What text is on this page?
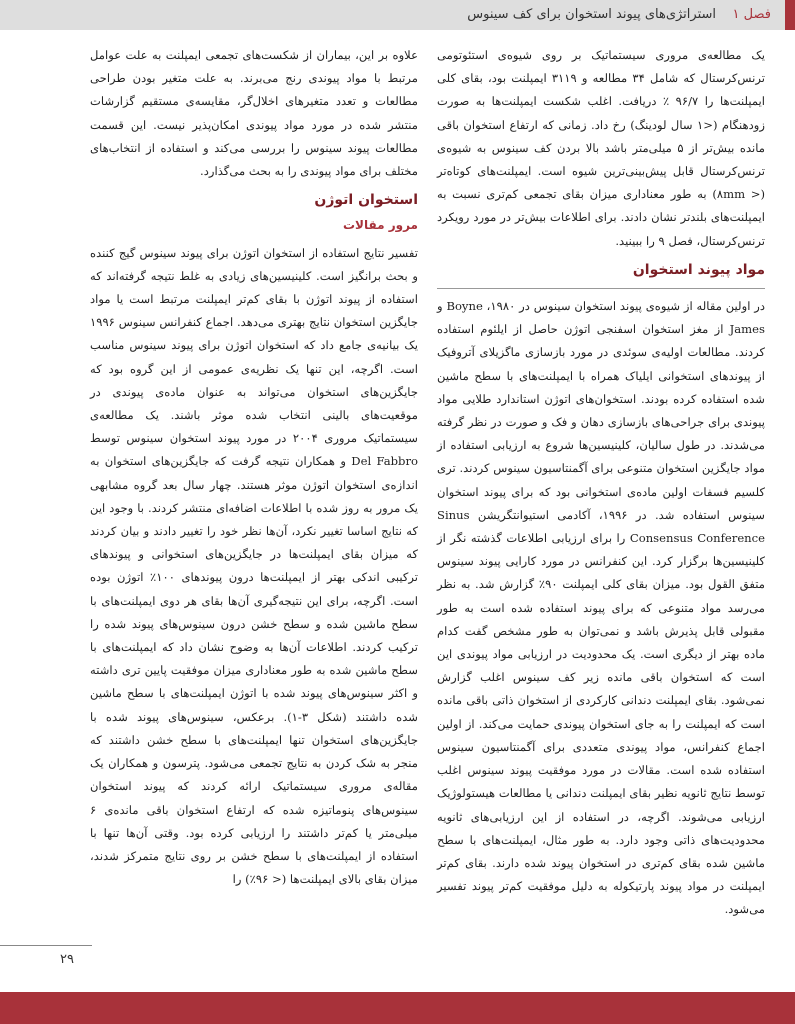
فصل ۱    استراتژی‌های پیوند استخوان برای کف سینوس

یک مطالعه‌ی مروری سیستماتیک بر روی شیوه‌ی استئوتومی ترنس‌کرستال که شامل ۳۴ مطالعه و ۳۱۱۹ ایمپلنت بود، بقای کلی ایمپلنت‌ها را ۹۶/۷ ٪ دریافت. اغلب شکست ایمپلنت‌ها به صورت زودهنگام (<۱ سال لودینگ) رخ داد. زمانی که ارتفاع استخوان باقی مانده بیش‌تر از ۵ میلی‌متر باشد بالا بردن کف سینوس به شیوه‌ی ترنس‌کرستال قابل پیش‌بینی‌ترین شیوه است. ایمپلنت‌های کوتاه‌تر (< ۸mm) به طور معناداری میزان بقای تجمعی کم‌تری نسبت به ایمپلنت‌های بلندتر نشان دادند. برای اطلاعات بیش‌تر در مورد رویکرد ترنس‌کرستال، فصل ۹ را ببینید.

مواد پیوند استخوان

در اولین مقاله از شیوه‌ی پیوند استخوان سینوس در ۱۹۸۰، Boyne و James از مغز استخوان اسفنجی اتوژن حاصل از ایلئوم استفاده کردند. مطالعات اولیه‌ی سوئدی در مورد بازسازی ماگزیلای آتروفیک از پیوندهای استخوانی ایلیاک همراه با ایمپلنت‌های با سطح ماشین شده استفاده کرده بودند. استخوان‌های اتوژن استاندارد طلایی مواد پیوندی برای جراحی‌های بازسازی دهان و فک و صورت در نظر گرفته می‌شدند. در طول سالیان، کلینیسین‌ها شروع به ارزیابی استفاده از مواد جایگزین استخوان متنوعی برای آگمنتاسیون سینوس کردند. تری کلسیم فسفات اولین ماده‌ی استخوانی بود که برای پیوند استخوان سینوس استفاده شد. در ۱۹۹۶، آکادمی استیوانتگریشن Sinus Consensus Conference را برای ارزیابی اطلاعات گذشته نگر از کلینیسین‌ها برگزار کرد. این کنفرانس در مورد کارایی پیوند سینوس متفق القول بود. میزان بقای کلی ایمپلنت ۹۰٪ گزارش شد. به نظر می‌رسد مواد متنوعی که برای پیوند استفاده شده است به طور مقبولی قابل پذیرش باشد و نمی‌توان به طور مشخص گفت کدام ماده بهتر از دیگری است. یک محدودیت در ارزیابی مواد پیوندی این است که استخوان باقی مانده زیر کف سینوس اغلب گزارش نمی‌شود. بقای ایمپلنت دندانی کارکردی از استخوان ذاتی باقی مانده است که ایمپلنت را به جای استخوان پیوندی حمایت می‌کند. از اولین اجماع کنفرانس، مواد پیوندی متعددی برای آگمنتاسیون سینوس استفاده شده است. مقالات در مورد موفقیت پیوند سینوس اغلب توسط نتایج ثانویه نظیر بقای ایمپلنت دندانی یا مطالعات هیستولوژیک ارزیابی می‌شوند. اگرچه، در استفاده از این ارزیابی‌های ثانویه محدودیت‌های ذاتی وجود دارد. به طور مثال، ایمپلنت‌های با سطح ماشین شده بقای کم‌تری در استخوان پیوند شده دارند. بقای کم‌تر ایمپلنت در مواد پیوند پارتیکوله به دلیل موفقیت کم‌تر پیوند تفسیر می‌شود.

علاوه بر این، بیماران از شکست‌های تجمعی ایمپلنت به علت عوامل مرتبط با مواد پیوندی رنج می‌برند. به علت متغیر بودن طراحی مطالعات و تعدد متغیرهای اخلال‌گر، مقایسه‌ی مستقیم گزارشات منتشر شده در مورد مواد پیوندی امکان‌پذیر نیست. این قسمت مطالعات پیوند سینوس را بررسی می‌کند و استفاده از انتخاب‌های مختلف برای مواد پیوندی را به بحث می‌گذارد.

استخوان اتوژن
مرور مقالات

تفسیر نتایج استفاده از استخوان اتوژن برای پیوند سینوس گیج کننده و بحث برانگیز است. کلینیسین‌های زیادی به غلط نتیجه گرفته‌اند که استفاده از پیوند اتوژن با بقای کم‌تر ایمپلنت مرتبط است یا مواد جایگزین استخوان نتایج بهتری می‌دهد. اجماع کنفرانس سینوس ۱۹۹۶ یک بیانیه‌ی جامع داد که استخوان اتوژن برای پیوند سینوس مناسب است. اگرچه، این تنها یک نظریه‌ی عمومی از این گروه بود که جایگزین‌های استخوان می‌تواند به عنوان ماده‌ی پیوندی در موقعیت‌های بالینی انتخاب شده موثر باشند. یک مطالعه‌ی سیستماتیک مروری ۲۰۰۴ در مورد پیوند استخوان سینوس توسط Del Fabbro و همکاران نتیجه گرفت که جایگزین‌های استخوان به اندازه‌ی استخوان اتوژن موثر هستند. چهار سال بعد گروه مشابهی یک مرور به روز شده با اطلاعات اضافه‌ای منتشر کردند. با وجود این که نتایج اساسا تغییر نکرد، آن‌ها نظر خود را تغییر دادند و بیان کردند که میزان بقای ایمپلنت‌ها در جایگزین‌های استخوانی و پیوندهای ترکیبی اندکی بهتر از ایمپلنت‌ها درون پیوندهای ۱۰۰٪ اتوژن بوده است. اگرچه، برای این نتیجه‌گیری آن‌ها بقای هر دوی ایمپلنت‌های با سطح ماشین شده و سطح خشن درون سینوس‌های پیوند شده را ترکیب کردند. اطلاعات آن‌ها به وضوح نشان داد که ایمپلنت‌های با سطح ماشین شده به طور معناداری میزان موفقیت پایین تری داشته و اکثر سینوس‌های پیوند شده با اتوژن ایمپلنت‌های با سطح ماشین شده داشتند (شکل ۳-۱). برعکس، سینوس‌های پیوند شده با جایگزین‌های استخوان تنها ایمپلنت‌های با سطح خشن داشتند که منجر به شک کردن به نتایج تجمعی می‌شود. پترسون و همکاران یک مقاله‌ی مروری سیستماتیک ارائه کردند که پیوند استخوان سینوس‌های پنوماتیزه شده که ارتفاع استخوان باقی مانده‌ی ۶ میلی‌متر یا کم‌تر داشتند را ارزیابی کرده بود. وقتی آن‌ها تنها با استفاده از ایمپلنت‌های با سطح خشن بر روی نتایج متمرکز شدند، میزان بقای بالای ایمپلنت‌ها (< ۹۶٪) را

۲۹
